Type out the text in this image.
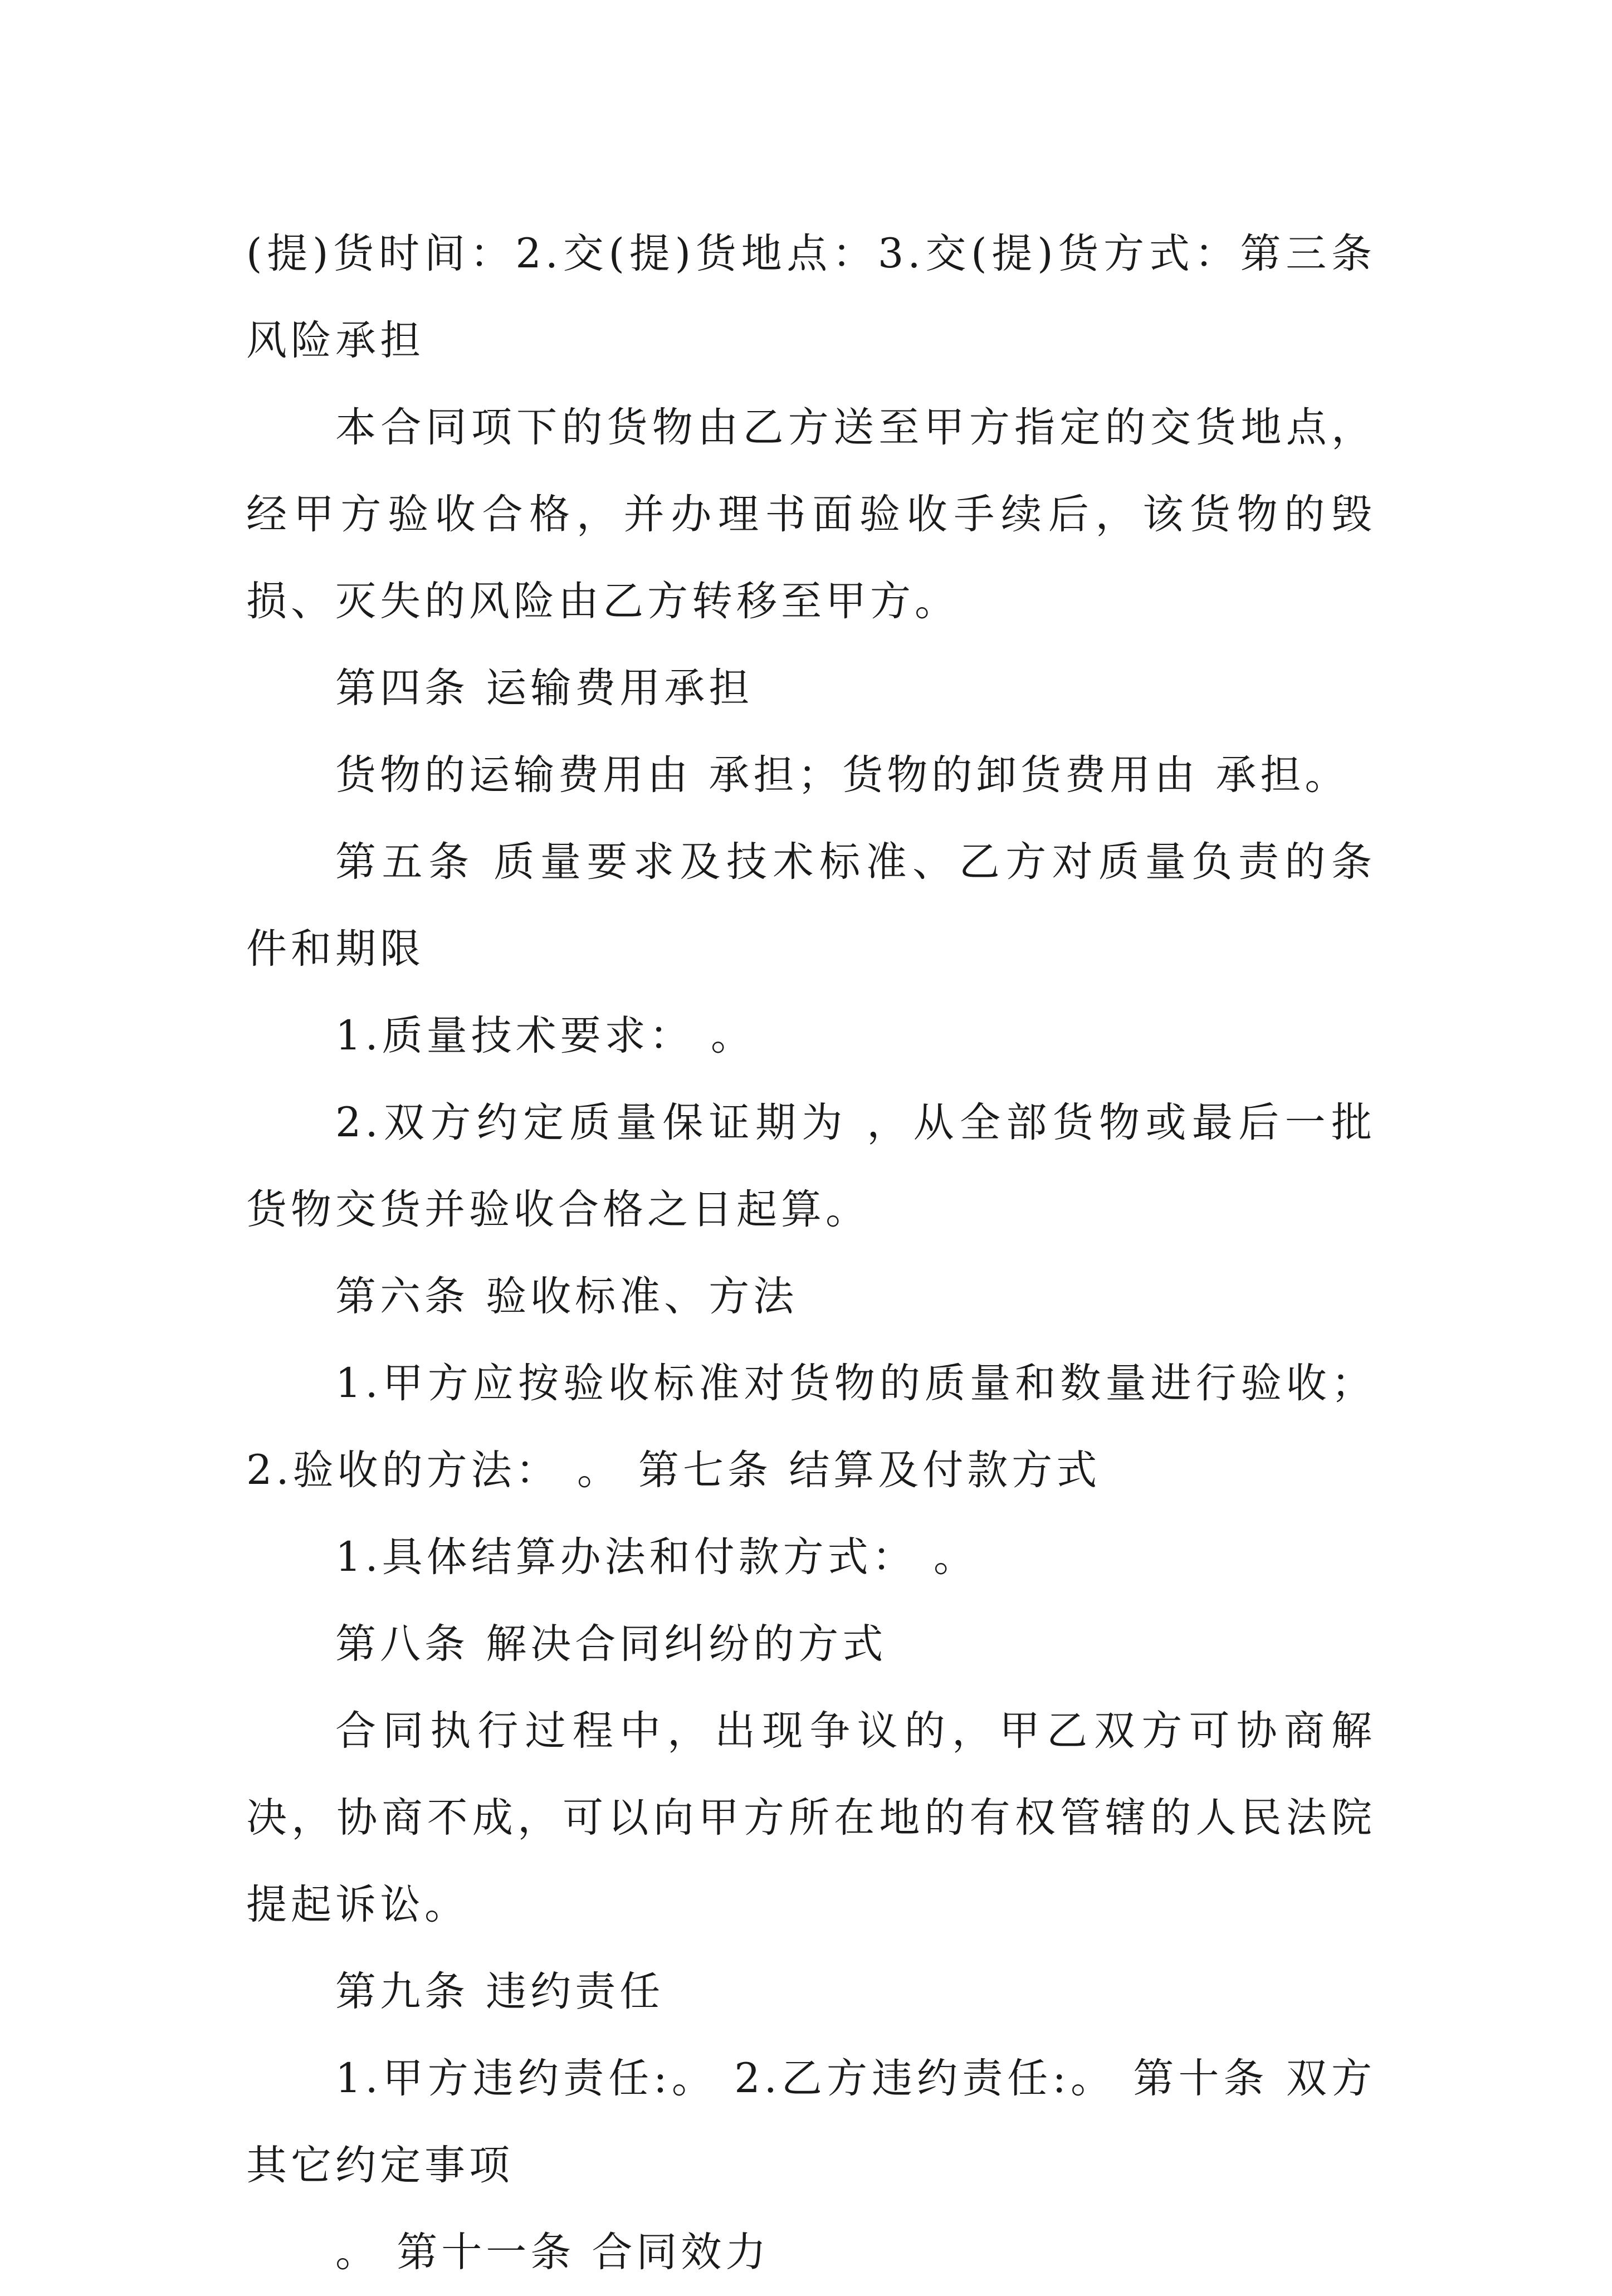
(提)货时间：2.交(提)货地点：3.交(提)货方式：第三条风险承担

本合同项下的货物由乙方送至甲方指定的交货地点，经甲方验收合格，并办理书面验收手续后，该货物的毁损、灭失的风险由乙方转移至甲方。

第四条 运输费用承担

货物的运输费用由 承担；货物的卸货费用由 承担。

第五条 质量要求及技术标准、乙方对质量负责的条件和期限

1.质量技术要求： 。

2.双方约定质量保证期为 ，从全部货物或最后一批货物交货并验收合格之日起算。

第六条 验收标准、方法

1.甲方应按验收标准对货物的质量和数量进行验收；2.验收的方法： 。 第七条 结算及付款方式

1.具体结算办法和付款方式： 。

第八条 解决合同纠纷的方式

合同执行过程中，出现争议的，甲乙双方可协商解决，协商不成，可以向甲方所在地的有权管辖的人民法院提起诉讼。

第九条 违约责任

1.甲方违约责任:。 2.乙方违约责任:。 第十条 双方其它约定事项

。 第十一条 合同效力
